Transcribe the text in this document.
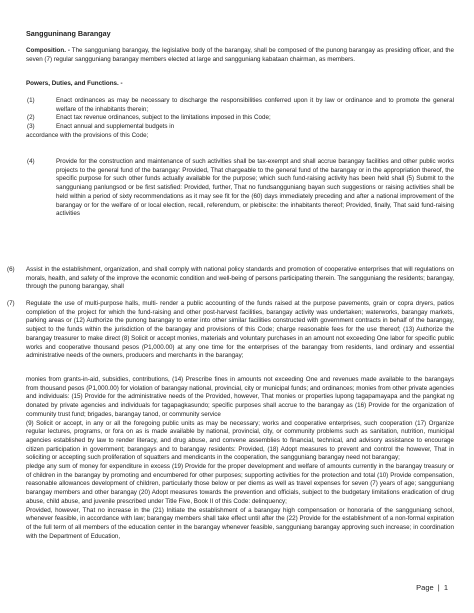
Sangguninang Barangay
Composition. - The sangguniang barangay, the legislative body of the barangay, shall be composed of the punong barangay as presiding officer, and the seven (7) regular sangguniang barangay members elected at large and sangguniang kabataan chairman, as members.
Powers, Duties, and Functions. -
(1)	Enact ordinances as may be necessary to discharge the responsibilities conferred upon it by law or ordinance and to promote the general welfare of the inhabitants therein;
(2)	Enact tax revenue ordinances, subject to the limitations imposed in this Code;
(3)	Enact annual and supplemental budgets in
accordance with the provisions of this Code;
(4)	Provide for the construction and maintenance of such activities shall be tax-exempt and shall accrue barangay facilities and other public works projects to the general fund of the barangay: Provided, That chargeable to the general fund of the barangay or in the appropriation thereof, the specific purpose for such other funds actually available for the purpose; which such fund-raising activity has been held shall (5) Submit to the sangguniang panlungsod or be first satisfied: Provided, further, That no fundsangguniang bayan such suggestions or raising activities shall be held within a period of sixty recommendations as it may see fit for the (60) days immediately preceding and after a national improvement of the barangay or for the welfare of or local election, recall, referendum, or plebiscite: the inhabitants thereof; Provided, finally, That said fund-raising activities
(6) Assist in the establishment, organization, and shall comply with national policy standards and promotion of cooperative enterprises that will regulations on morals, health, and safety of the improve the economic condition and well-being of persons participating therein. The sangguniang the residents; barangay, through the punong barangay, shall
(7) Regulate the use of multi-purpose halls, multi- render a public accounting of the funds raised at the purpose pavements, grain or copra dryers, patios completion of the project for which the fund-raising and other post-harvest facilities, barangay activity was undertaken; waterworks, barangay markets, parking areas or (12) Authorize the punong barangay to enter into other similar facilities constructed with government contracts in behalf of the barangay, subject to the funds within the jurisdiction of the barangay and provisions of this Code; charge reasonable fees for the use thereof; (13) Authorize the barangay treasurer to make direct (8) Solicit or accept monies, materials and voluntary purchases in an amount not exceeding One labor for specific public works and cooperative thousand pesos (P1,000.00) at any one time for the enterprises of the barangay from residents, land ordinary and essential administrative needs of the owners, producers and merchants in the barangay;

monies from grants-in-aid, subsidies, contributions, (14) Prescribe fines in amounts not exceeding One and revenues made available to the barangays from thousand pesos (P1,000.00) for violation of barangay national, provincial, city or municipal funds; and ordinances; monies from other private agencies and individuals: (15) Provide for the administrative needs of the Provided, however, That monies or properties lupong tagapamayapa and the pangkat ng donated by private agencies and individuals for tagapagkasundo; specific purposes shall accrue to the barangay as (16) Provide for the organization of community trust fund; brigades, barangay tanod, or community service

(9) Solicit or accept, in any or all the foregoing public units as may be necessary; works and cooperative enterprises, such cooperation (17) Organize regular lectures, programs, or fora on as is made available by national, provincial, city, or community problems such as sanitation, nutrition, municipal agencies established by law to render literacy, and drug abuse, and convene assemblies to financial, technical, and advisory assistance to encourage citizen participation in government; barangays and to barangay residents: Provided, (18) Adopt measures to prevent and control the however, That in soliciting or accepting such proliferation of squatters and mendicants in the cooperation, the sangguniang barangay need not barangay;

pledge any sum of money for expenditure in excess (19) Provide for the proper development and welfare of amounts currently in the barangay treasury or of children in the barangay by promoting and encumbered for other purposes; supporting activities for the protection and total (10) Provide compensation, reasonable allowances development of children, particularly those below or per diems as well as travel expenses for seven (7) years of age; sangguniang barangay members and other barangay (20) Adopt measures towards the prevention and officials, subject to the budgetary limitations eradication of drug abuse, child abuse, and juvenile prescribed under Title Five, Book II of this Code: delinquency;

Provided, however, That no increase in the (21) Initiate the establishment of a barangay high compensation or honoraria of the sangguniang school, whenever feasible, in accordance with law; barangay members shall take effect until after the (22) Provide for the establishment of a non-formal expiration of the full term of all members of the education center in the barangay whenever feasible, sangguniang barangay approving such increase; in coordination with the Department of Education,

Page | 1
